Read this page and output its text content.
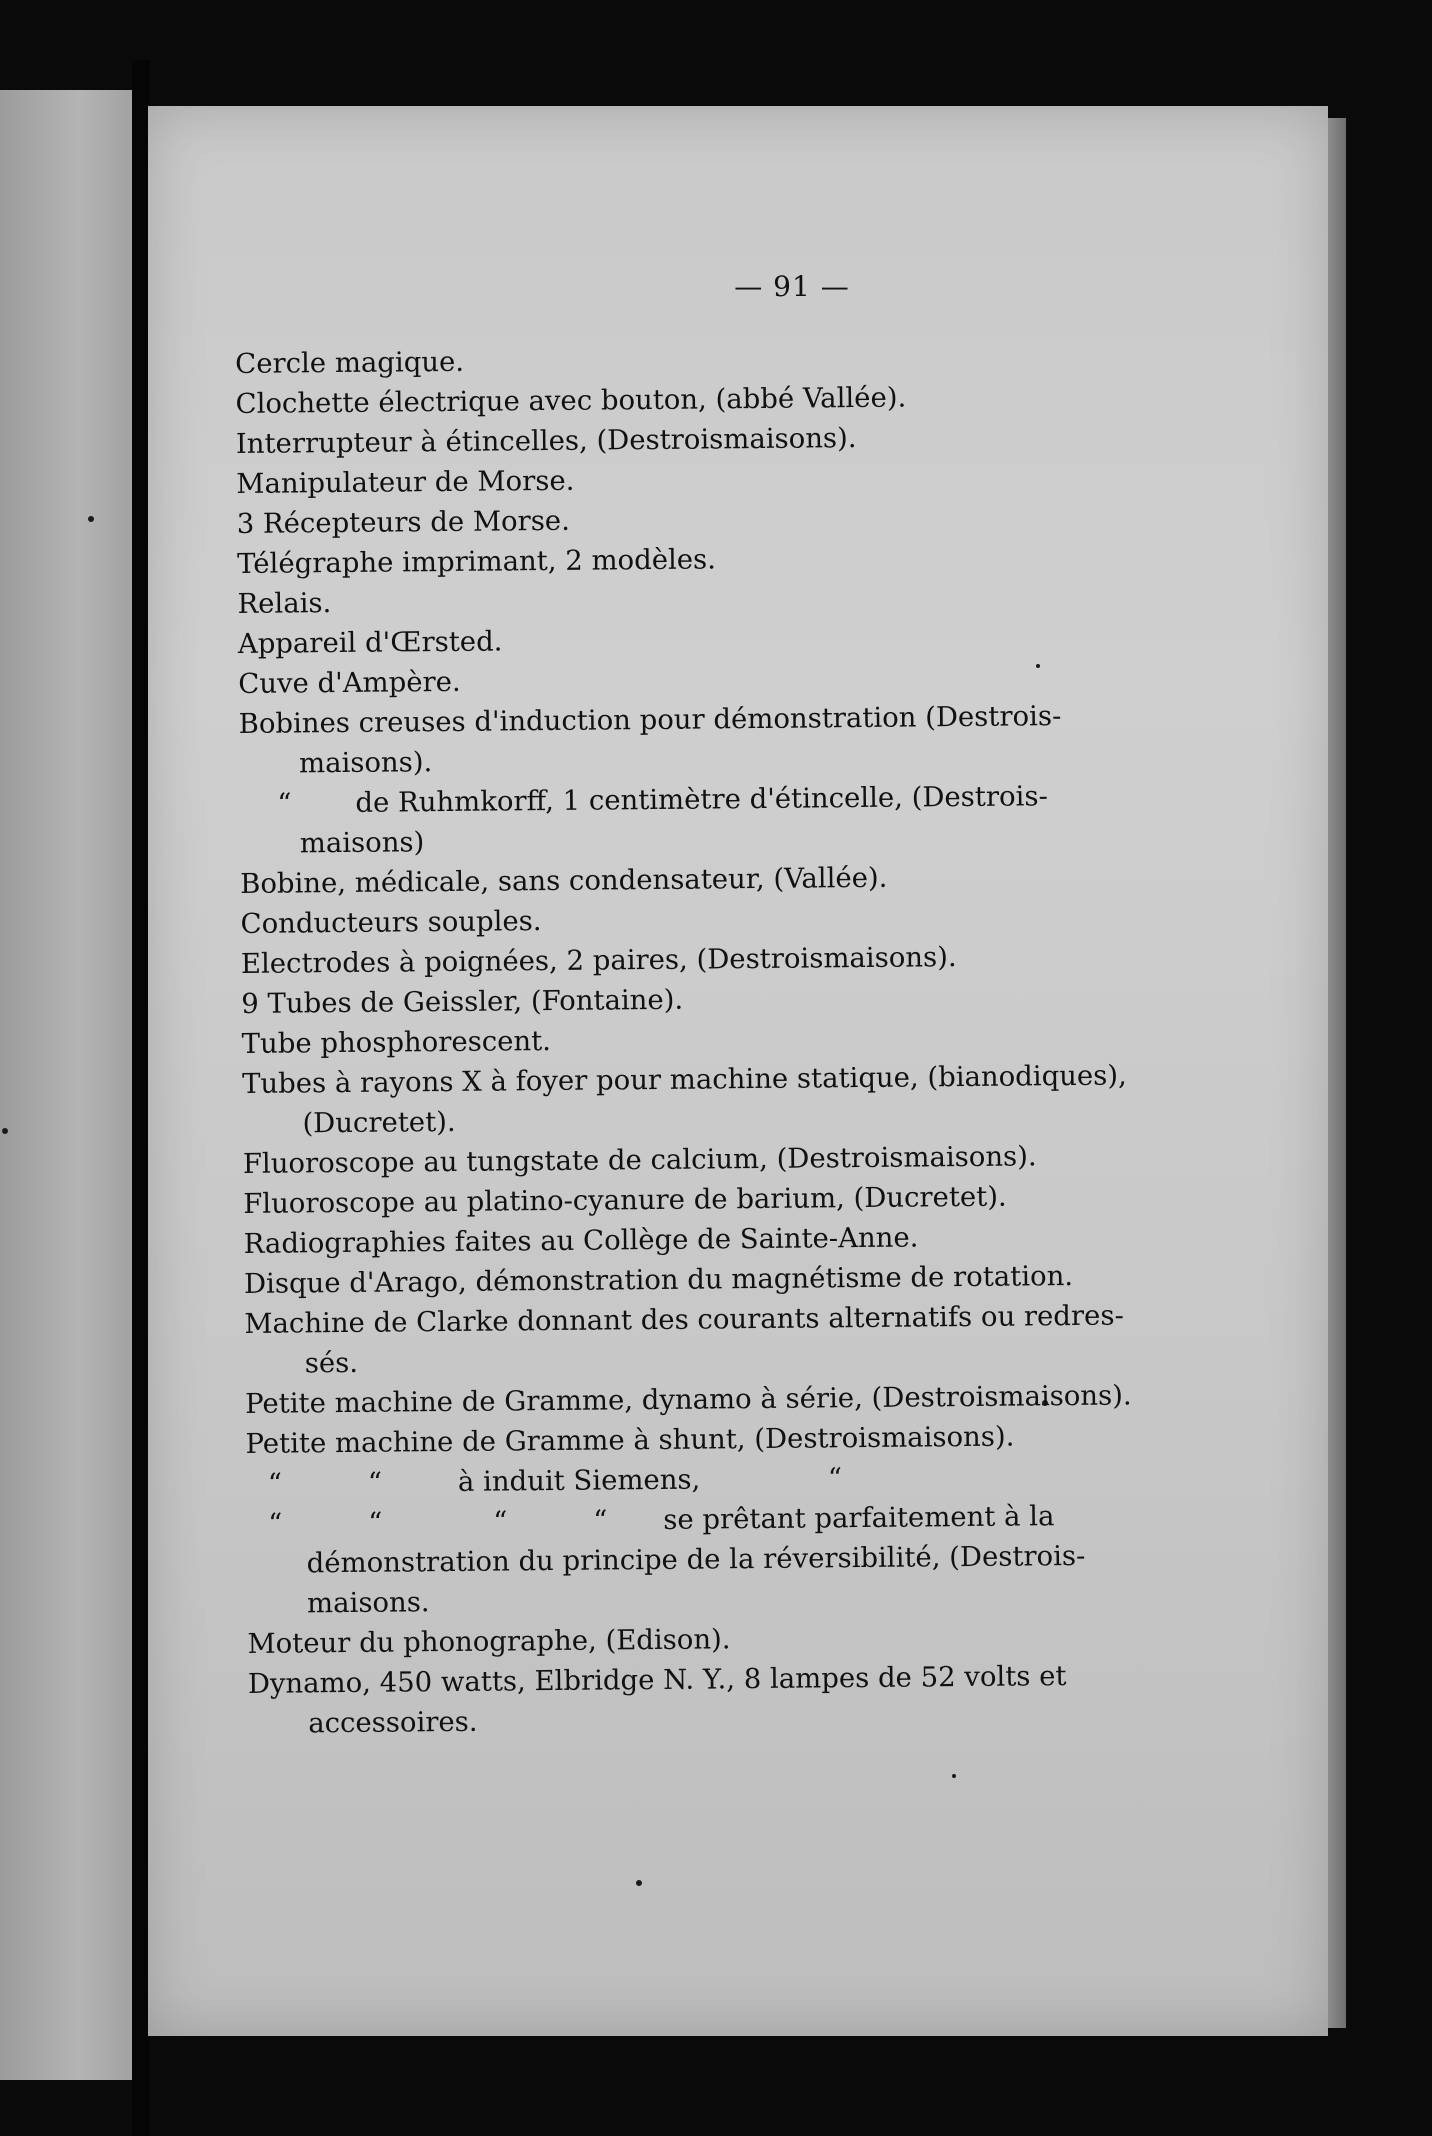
— 91 —
Cercle magique.
Clochette électrique avec bouton, (abbé Vallée).
Interrupteur à étincelles, (Destroismaisons).
Manipulateur de Morse.
3 Récepteurs de Morse.
Télégraphe imprimant, 2 modèles.
Relais.
Appareil d'Œrsted.
Cuve d'Ampère.
Bobines creuses d'induction pour démonstration (Destrois-
maisons).
“	de Ruhmkorff, 1 centimètre d'étincelle, (Destrois-
maisons)
Bobine, médicale, sans condensateur, (Vallée).
Conducteurs souples.
Electrodes à poignées, 2 paires, (Destroismaisons).
9 Tubes de Geissler, (Fontaine).
Tube phosphorescent.
Tubes à rayons X à foyer pour machine statique, (bianodiques),
(Ducretet).
Fluoroscope au tungstate de calcium, (Destroismaisons).
Fluoroscope au platino-cyanure de barium, (Ducretet).
Radiographies faites au Collège de Sainte-Anne.
Disque d'Arago, démonstration du magnétisme de rotation.
Machine de Clarke donnant des courants alternatifs ou redres-
sés.
Petite machine de Gramme, dynamo à série, (Destroismaisons).
Petite machine de Gramme à shunt, (Destroismaisons).
“	“	à induit Siemens,	“
“	“	“	“	se prêtant parfaitement à la
démonstration du principe de la réversibilité, (Destrois-
maisons.
Moteur du phonographe, (Edison).
Dynamo, 450 watts, Elbridge N. Y., 8 lampes de 52 volts et
accessoires.
